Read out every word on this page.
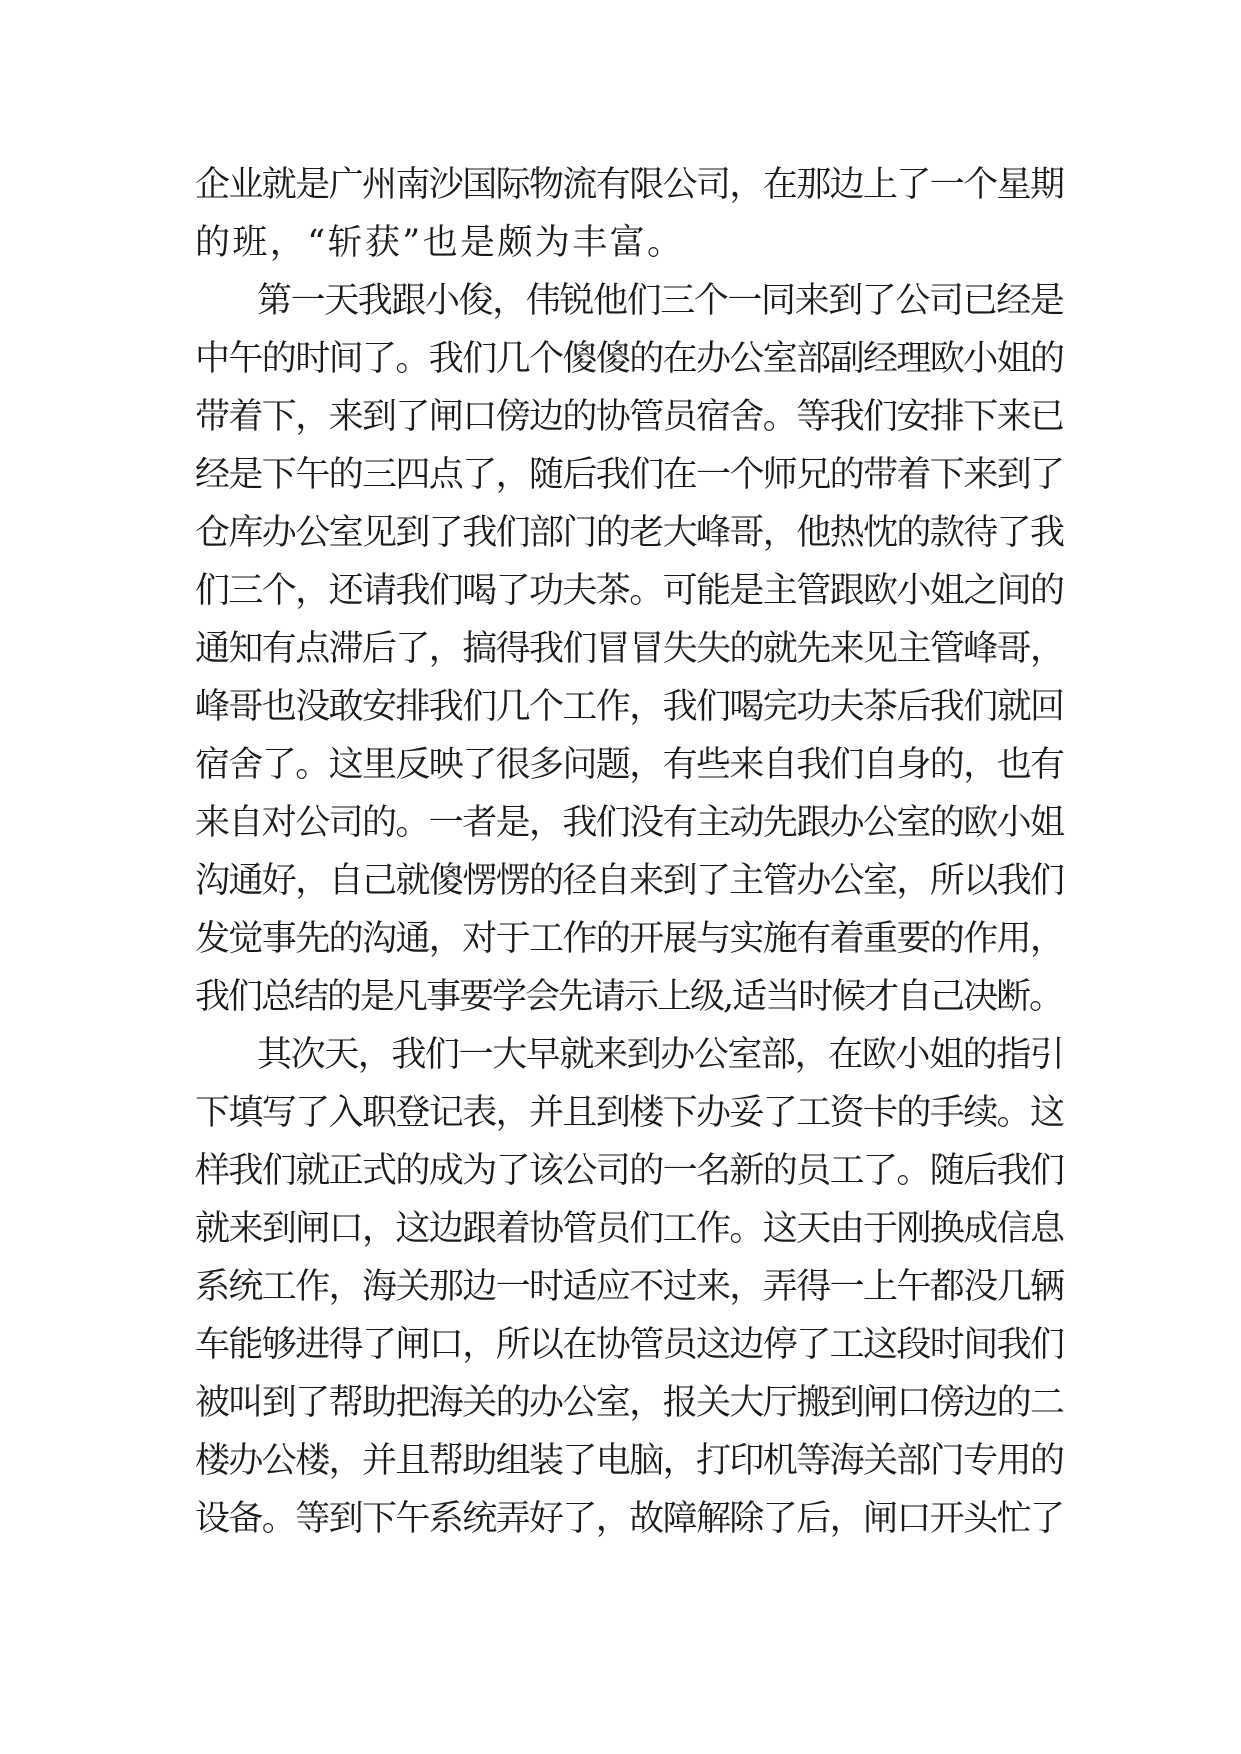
企业就是广州南沙国际物流有限公司，在那边上了一个星期
的班，“斩获”也是颇为丰富。
第一天我跟小俊，伟锐他们三个一同来到了公司已经是
中午的时间了。我们几个傻傻的在办公室部副经理欧小姐的
带着下，来到了闸口傍边的协管员宿舍。等我们安排下来已
经是下午的三四点了，随后我们在一个师兄的带着下来到了
仓库办公室见到了我们部门的老大峰哥，他热忱的款待了我
们三个，还请我们喝了功夫茶。可能是主管跟欧小姐之间的
通知有点滞后了，搞得我们冒冒失失的就先来见主管峰哥，
峰哥也没敢安排我们几个工作，我们喝完功夫茶后我们就回
宿舍了。这里反映了很多问题，有些来自我们自身的，也有
来自对公司的。一者是，我们没有主动先跟办公室的欧小姐
沟通好，自己就傻愣愣的径自来到了主管办公室，所以我们
发觉事先的沟通，对于工作的开展与实施有着重要的作用，
我们总结的是凡事要学会先请示上级,适当时候才自己决断。
其次天，我们一大早就来到办公室部，在欧小姐的指引
下填写了入职登记表，并且到楼下办妥了工资卡的手续。这
样我们就正式的成为了该公司的一名新的员工了。随后我们
就来到闸口，这边跟着协管员们工作。这天由于刚换成信息
系统工作，海关那边一时适应不过来，弄得一上午都没几辆
车能够进得了闸口，所以在协管员这边停了工这段时间我们
被叫到了帮助把海关的办公室，报关大厅搬到闸口傍边的二
楼办公楼，并且帮助组装了电脑，打印机等海关部门专用的
设备。等到下午系统弄好了，故障解除了后，闸口开头忙了
